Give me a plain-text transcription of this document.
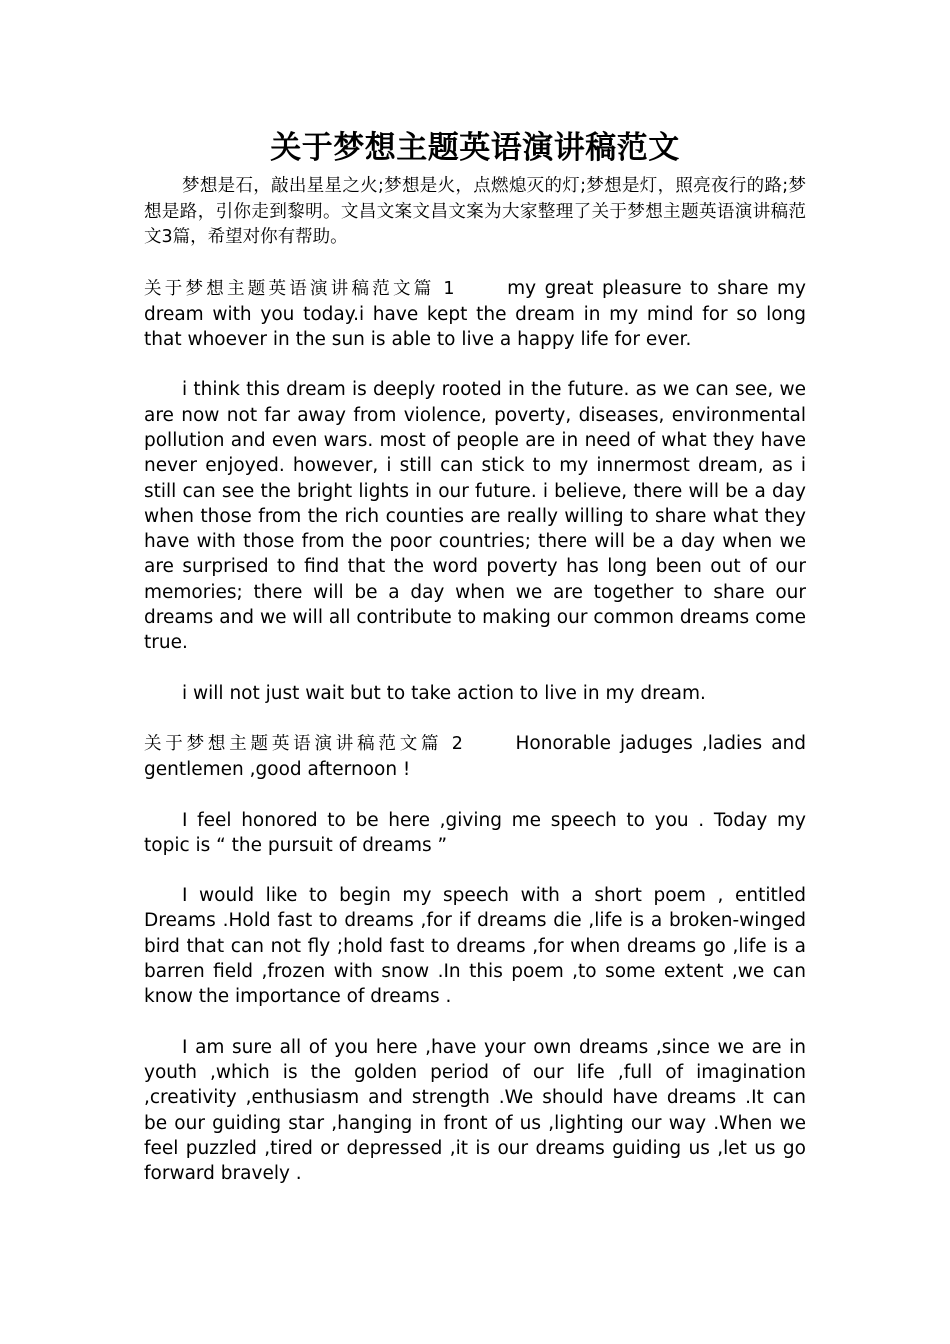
关于梦想主题英语演讲稿范文

梦想是石，敲出星星之火;梦想是火，点燃熄灭的灯;梦想是灯，照亮夜行的路;梦想是路，引你走到黎明。文昌文案文昌文案为大家整理了关于梦想主题英语演讲稿范文3篇，希望对你有帮助。

关于梦想主题英语演讲稿范文篇 1	my great pleasure to share my dream with you today.i have kept the dream in my mind for so long that whoever in the sun is able to live a happy life for ever.

i think this dream is deeply rooted in the future. as we can see, we are now not far away from violence, poverty, diseases, environmental pollution and even wars. most of people are in need of what they have never enjoyed. however, i still can stick to my innermost dream, as i still can see the bright lights in our future. i believe, there will be a day when those from the rich counties are really willing to share what they have with those from the poor countries; there will be a day when we are surprised to find that the word poverty has long been out of our memories; there will be a day when we are together to share our dreams and we will all contribute to making our common dreams come true.

i will not just wait but to take action to live in my dream.

关于梦想主题英语演讲稿范文篇 2	Honorable jaduges ,ladies and gentlemen ,good afternoon !

I feel honored to be here ,giving me speech to you . Today my topic is “ the pursuit of dreams ”

I would like to begin my speech with a short poem , entitled Dreams .Hold fast to dreams ,for if dreams die ,life is a broken-winged bird that can not fly ;hold fast to dreams ,for when dreams go ,life is a barren field ,frozen with snow .In this poem ,to some extent ,we can know the importance of dreams .

I am sure all of you here ,have your own dreams ,since we are in youth ,which is the golden period of our life ,full of imagination ,creativity ,enthusiasm and strength .We should have dreams .It can be our guiding star ,hanging in front of us ,lighting our way .When we feel puzzled ,tired or depressed ,it is our dreams guiding us ,let us go forward bravely .
